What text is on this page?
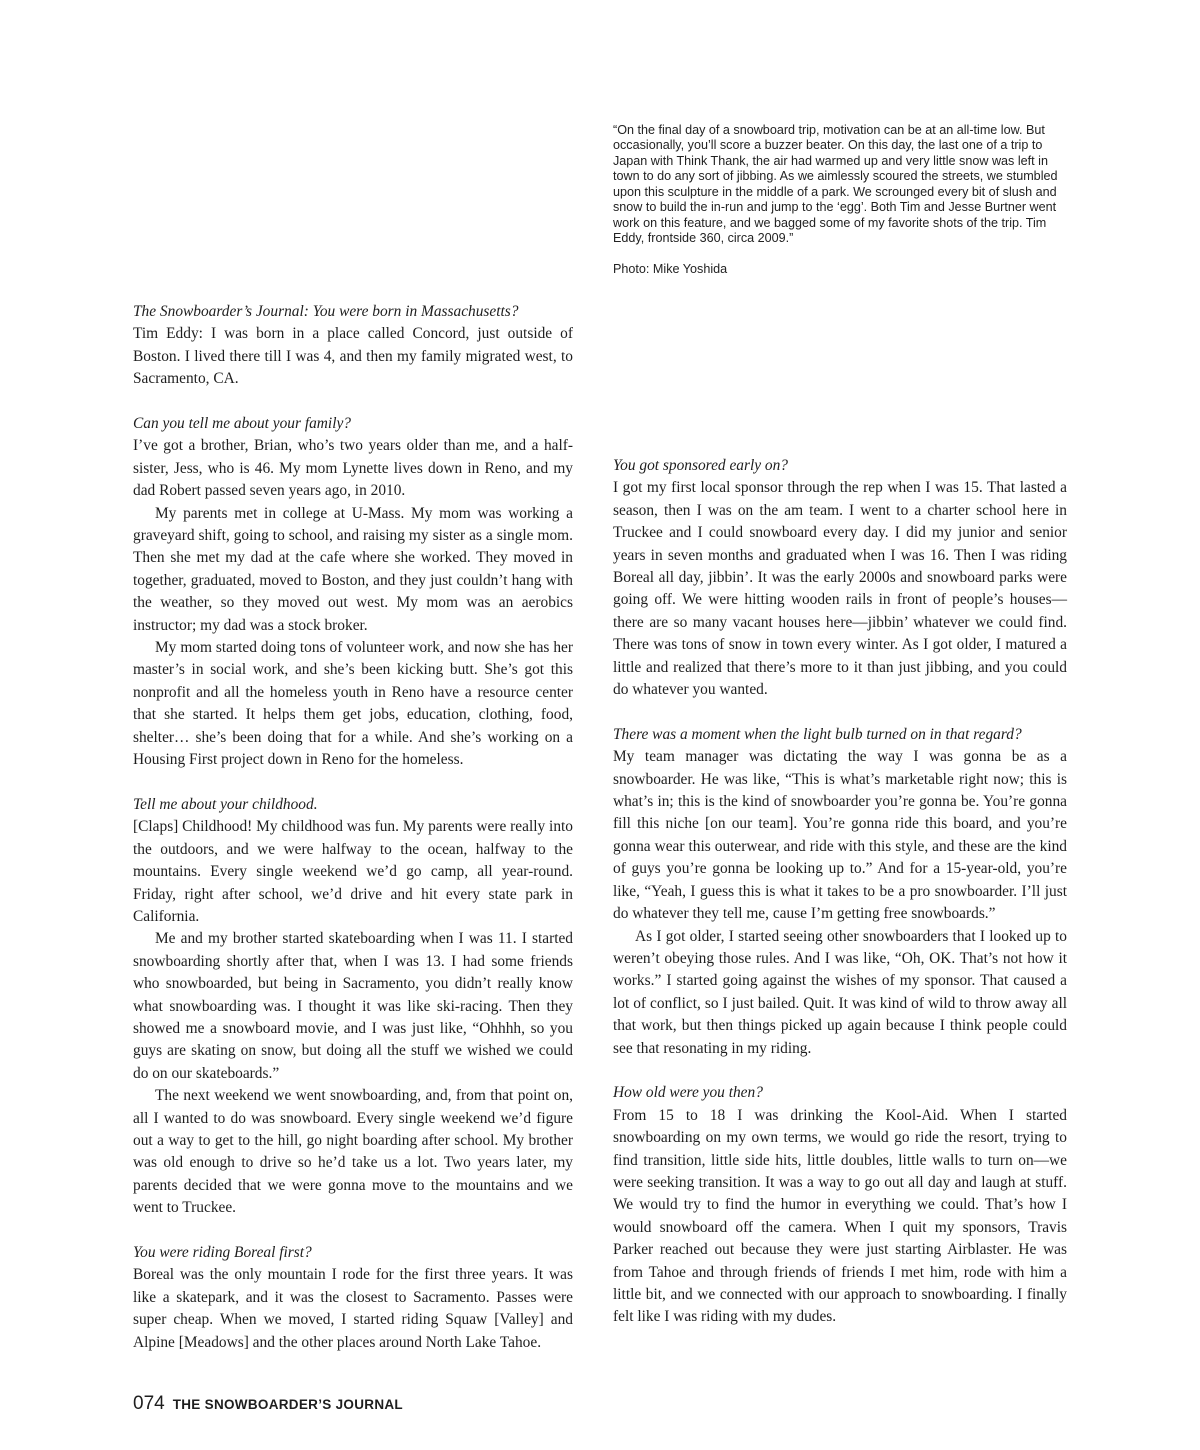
“On the final day of a snowboard trip, motivation can be at an all-time low. But occasionally, you’ll score a buzzer beater. On this day, the last one of a trip to Japan with Think Thank, the air had warmed up and very little snow was left in town to do any sort of jibbing. As we aimlessly scoured the streets, we stumbled upon this sculpture in the middle of a park. We scrounged every bit of slush and snow to build the in-run and jump to the ‘egg’. Both Tim and Jesse Burtner went work on this feature, and we bagged some of my favorite shots of the trip. Tim Eddy, frontside 360, circa 2009.”

Photo: Mike Yoshida

The Snowboarder’s Journal: You were born in Massachusetts?

Tim Eddy: I was born in a place called Concord, just outside of Boston. I lived there till I was 4, and then my family migrated west, to Sacramento, CA.

Can you tell me about your family?

I’ve got a brother, Brian, who’s two years older than me, and a half-sister, Jess, who is 46. My mom Lynette lives down in Reno, and my dad Robert passed seven years ago, in 2010.

My parents met in college at U-Mass. My mom was working a graveyard shift, going to school, and raising my sister as a single mom. Then she met my dad at the cafe where she worked. They moved in together, graduated, moved to Boston, and they just couldn’t hang with the weather, so they moved out west. My mom was an aerobics instructor; my dad was a stock broker.

My mom started doing tons of volunteer work, and now she has her master’s in social work, and she’s been kicking butt. She’s got this nonprofit and all the homeless youth in Reno have a resource center that she started. It helps them get jobs, education, clothing, food, shelter… she’s been doing that for a while. And she’s working on a Housing First project down in Reno for the homeless.

Tell me about your childhood.

[Claps] Childhood! My childhood was fun. My parents were really into the outdoors, and we were halfway to the ocean, halfway to the mountains. Every single weekend we’d go camp, all year-round. Friday, right after school, we’d drive and hit every state park in California.

Me and my brother started skateboarding when I was 11. I started snowboarding shortly after that, when I was 13. I had some friends who snowboarded, but being in Sacramento, you didn’t really know what snowboarding was. I thought it was like ski-racing. Then they showed me a snowboard movie, and I was just like, “Ohhhh, so you guys are skating on snow, but doing all the stuff we wished we could do on our skateboards.”

The next weekend we went snowboarding, and, from that point on, all I wanted to do was snowboard. Every single weekend we’d figure out a way to get to the hill, go night boarding after school. My brother was old enough to drive so he’d take us a lot. Two years later, my parents decided that we were gonna move to the mountains and we went to Truckee.

You were riding Boreal first?

Boreal was the only mountain I rode for the first three years. It was like a skatepark, and it was the closest to Sacramento. Passes were super cheap. When we moved, I started riding Squaw [Valley] and Alpine [Meadows] and the other places around North Lake Tahoe.

You got sponsored early on?

I got my first local sponsor through the rep when I was 15. That lasted a season, then I was on the am team. I went to a charter school here in Truckee and I could snowboard every day. I did my junior and senior years in seven months and graduated when I was 16. Then I was riding Boreal all day, jibbin’. It was the early 2000s and snowboard parks were going off. We were hitting wooden rails in front of people’s houses—there are so many vacant houses here—jibbin’ whatever we could find. There was tons of snow in town every winter. As I got older, I matured a little and realized that there’s more to it than just jibbing, and you could do whatever you wanted.

There was a moment when the light bulb turned on in that regard?

My team manager was dictating the way I was gonna be as a snowboarder. He was like, “This is what’s marketable right now; this is what’s in; this is the kind of snowboarder you’re gonna be. You’re gonna fill this niche [on our team]. You’re gonna ride this board, and you’re gonna wear this outerwear, and ride with this style, and these are the kind of guys you’re gonna be looking up to.” And for a 15-year-old, you’re like, “Yeah, I guess this is what it takes to be a pro snowboarder. I’ll just do whatever they tell me, cause I’m getting free snowboards.”

As I got older, I started seeing other snowboarders that I looked up to weren’t obeying those rules. And I was like, “Oh, OK. That’s not how it works.” I started going against the wishes of my sponsor. That caused a lot of conflict, so I just bailed. Quit. It was kind of wild to throw away all that work, but then things picked up again because I think people could see that resonating in my riding.

How old were you then?

From 15 to 18 I was drinking the Kool-Aid. When I started snowboarding on my own terms, we would go ride the resort, trying to find transition, little side hits, little doubles, little walls to turn on—we were seeking transition. It was a way to go out all day and laugh at stuff. We would try to find the humor in everything we could. That’s how I would snowboard off the camera. When I quit my sponsors, Travis Parker reached out because they were just starting Airblaster. He was from Tahoe and through friends of friends I met him, rode with him a little bit, and we connected with our approach to snowboarding. I finally felt like I was riding with my dudes.

074 THE SNOWBOARDER’S JOURNAL
